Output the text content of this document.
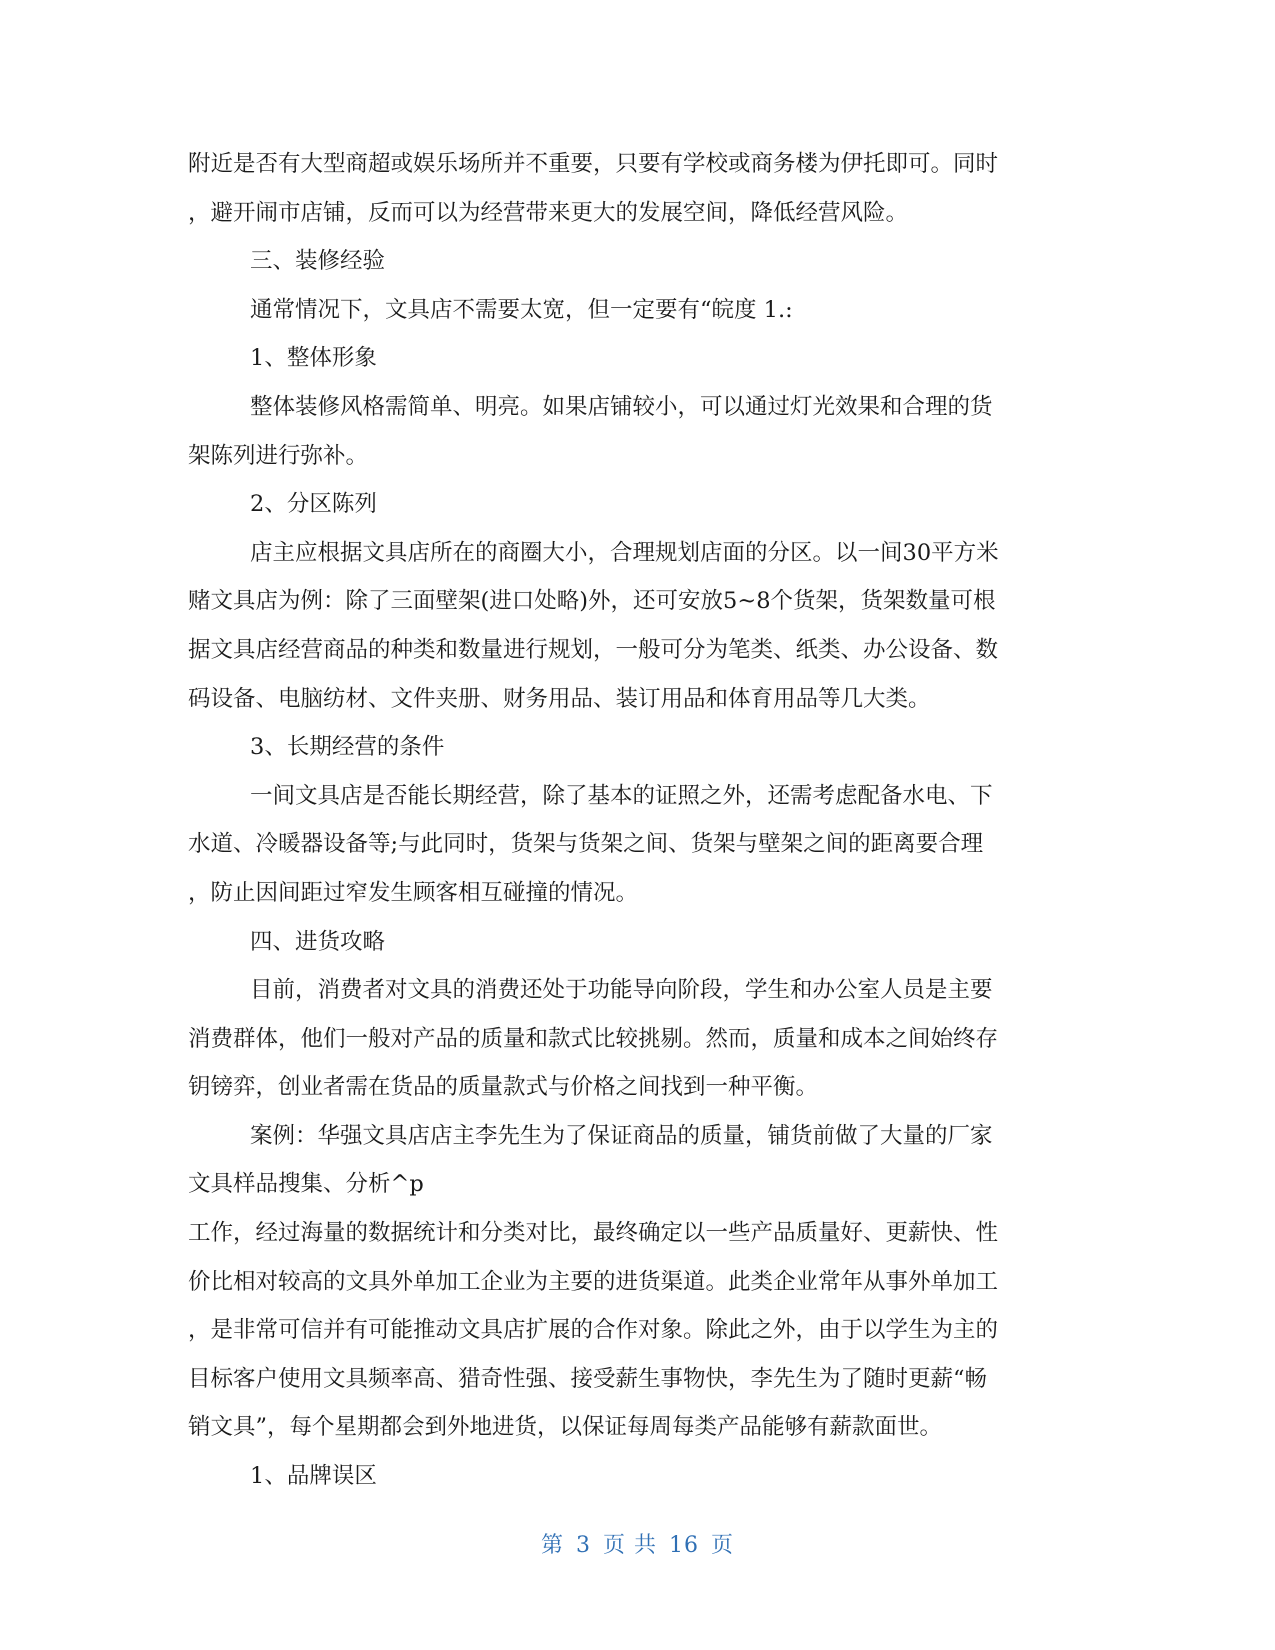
附近是否有大型商超或娱乐场所并不重要，只要有学校或商务楼为伊托即可。同时
，避开闹市店铺，反而可以为经营带来更大的发展空间，降低经营风险。
三、装修经验
通常情况下，文具店不需要太宽，但一定要有“皖度 1.:
1、整体形象
整体装修风格需简单、明亮。如果店铺较小，可以通过灯光效果和合理的货
架陈列进行弥补。
2、分区陈列
店主应根据文具店所在的商圈大小，合理规划店面的分区。以一间30平方米
赌文具店为例：除了三面壁架(进口处略)外，还可安放5~8个货架，货架数量可根
据文具店经营商品的种类和数量进行规划，一般可分为笔类、纸类、办公设备、数
码设备、电脑纺材、文件夹册、财务用品、装订用品和体育用品等几大类。
3、长期经营的条件
一间文具店是否能长期经营，除了基本的证照之外，还需考虑配备水电、下
水道、冷暖器设备等;与此同时，货架与货架之间、货架与壁架之间的距离要合理
，防止因间距过窄发生顾客相互碰撞的情况。
四、进货攻略
目前，消费者对文具的消费还处于功能导向阶段，学生和办公室人员是主要
消费群体，他们一般对产品的质量和款式比较挑剔。然而，质量和成本之间始终存
钥镑弈，创业者需在货品的质量款式与价格之间找到一种平衡。
案例：华强文具店店主李先生为了保证商品的质量，铺货前做了大量的厂家
文具样品搜集、分析^p
工作，经过海量的数据统计和分类对比，最终确定以一些产品质量好、更薪快、性
价比相对较高的文具外单加工企业为主要的进货渠道。此类企业常年从事外单加工
，是非常可信并有可能推动文具店扩展的合作对象。除此之外，由于以学生为主的
目标客户使用文具频率高、猎奇性强、接受薪生事物快，李先生为了随时更薪“畅
销文具”，每个星期都会到外地进货，以保证每周每类产品能够有薪款面世。
1、品牌误区
第 3 页 共 16 页
